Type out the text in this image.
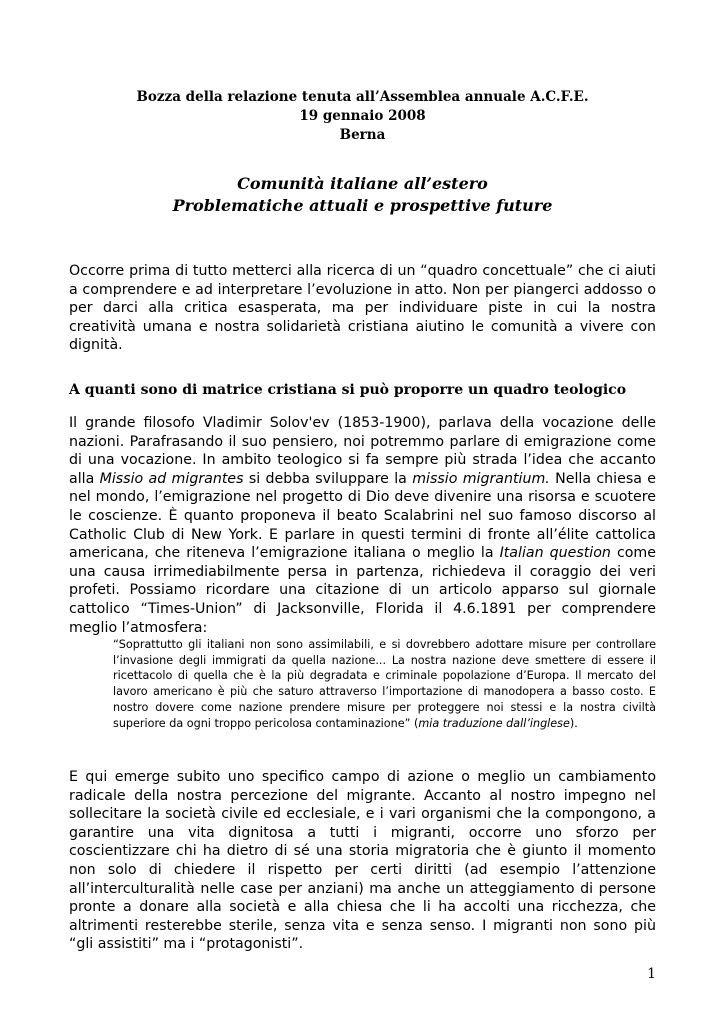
Bozza della relazione tenuta all’Assemblea annuale A.C.F.E.
19 gennaio 2008
Berna
Comunità italiane all’estero
Problematiche attuali e prospettive future

Occorre prima di tutto metterci alla ricerca di un “quadro concettuale” che ci aiuti a comprendere e ad interpretare l’evoluzione in atto. Non per piangerci addosso o per darci alla critica esasperata, ma per individuare piste in cui la nostra creatività umana e nostra solidarietà cristiana aiutino le comunità a vivere con dignità.

A quanti sono di matrice cristiana si può proporre un quadro teologico

Il grande filosofo Vladimir Solov'ev (1853-1900), parlava della vocazione delle nazioni. Parafrasando il suo pensiero, noi potremmo parlare di emigrazione come di una vocazione. In ambito teologico si fa sempre più strada l’idea che accanto alla Missio ad migrantes si debba sviluppare la missio migrantium. Nella chiesa e nel mondo, l’emigrazione nel progetto di Dio deve divenire una risorsa e scuotere le coscienze. È quanto proponeva il beato Scalabrini nel suo famoso discorso al Catholic Club di New York. E parlare in questi termini di fronte all’élite cattolica americana, che riteneva l’emigrazione italiana o meglio la Italian question come una causa irrimediabilmente persa in partenza, richiedeva il coraggio dei veri profeti. Possiamo ricordare una citazione di un articolo apparso sul giornale cattolico “Times-Union” di Jacksonville, Florida il 4.6.1891 per comprendere meglio l’atmosfera:

“Soprattutto gli italiani non sono assimilabili, e si dovrebbero adottare misure per controllare l’invasione degli immigrati da quella nazione... La nostra nazione deve smettere di essere il ricettacolo di quella che è la più degradata e criminale popolazione d’Europa. Il mercato del lavoro americano è più che saturo attraverso l’importazione di manodopera a basso costo. E nostro dovere come nazione prendere misure per proteggere noi stessi e la nostra civiltà superiore da ogni troppo pericolosa contaminazione” (mia traduzione dall’inglese).

E qui emerge subito uno specifico campo di azione o meglio un cambiamento radicale della nostra percezione del migrante. Accanto al nostro impegno nel sollecitare la società civile ed ecclesiale, e i vari organismi che la compongono, a garantire una vita dignitosa a tutti i migranti, occorre uno sforzo per coscientizzare chi ha dietro di sé una storia migratoria che è giunto il momento non solo di chiedere il rispetto per certi diritti (ad esempio l’attenzione all’interculturalità nelle case per anziani) ma anche un atteggiamento di persone pronte a donare alla società e alla chiesa che li ha accolti una ricchezza, che altrimenti resterebbe sterile, senza vita e senza senso. I migranti non sono più “gli assistiti” ma i “protagonisti”.

1
